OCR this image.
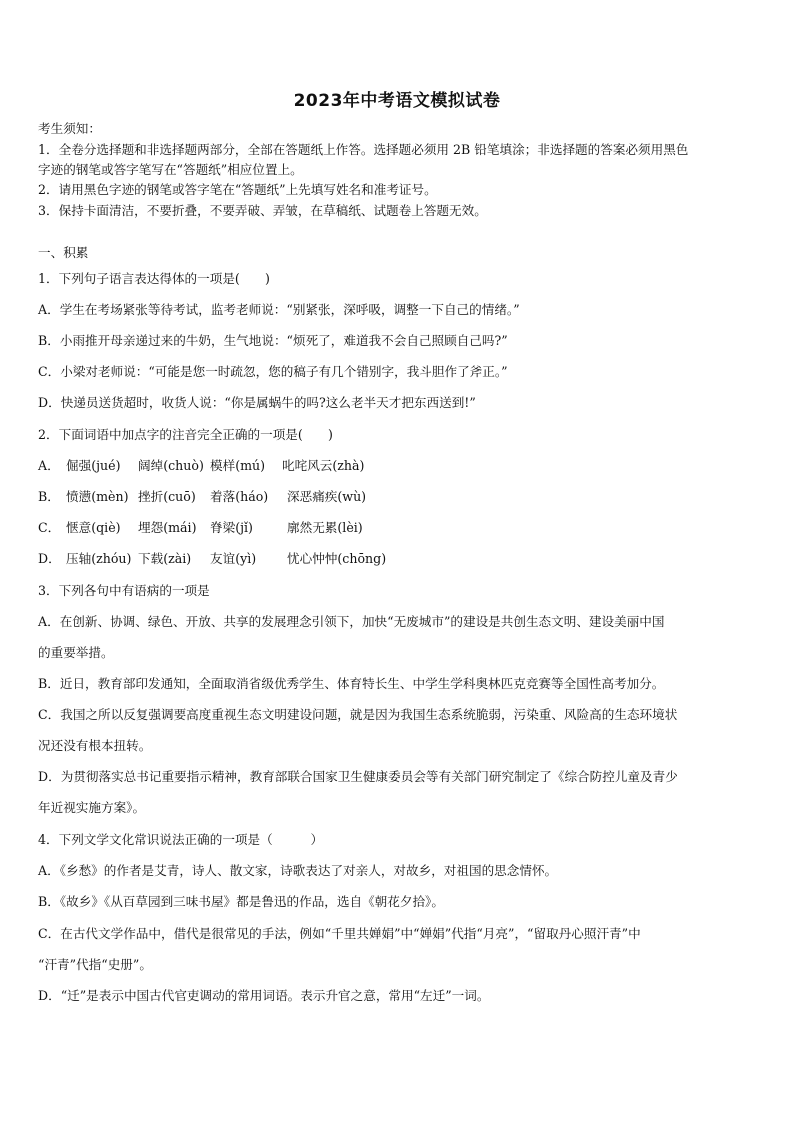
2023年中考语文模拟试卷
考生须知：
1．全卷分选择题和非选择题两部分，全部在答题纸上作答。选择题必须用 2B 铅笔填涂；非选择题的答案必须用黑色
字迹的钢笔或答字笔写在“答题纸”相应位置上。
2．请用黑色字迹的钢笔或答字笔在“答题纸”上先填写姓名和准考证号。
3．保持卡面清洁，不要折叠，不要弄破、弄皱，在草稿纸、试题卷上答题无效。
一、积累
1．下列句子语言表达得体的一项是(　　)
A．学生在考场紧张等待考试，监考老师说：“别紧张，深呼吸，调整一下自己的情绪。”
B．小雨推开母亲递过来的牛奶，生气地说：“烦死了，难道我不会自己照顾自己吗?”
C．小梁对老师说：“可能是您一时疏忽，您的稿子有几个错别字，我斗胆作了斧正。”
D．快递员送货超时，收货人说：“你是属蜗牛的吗?这么老半天才把东西送到!”
2．下面词语中加点字的注音完全正确的一项是(　　)
A． 倔强(jué)	阔绰(chuò) 模样(mú)	叱咤风云(zhà)
B． 愤懑(mèn) 挫折(cuō)	着落(háo)	深恶痛疾(wù)
C． 惬意(qiè)	埋怨(mái)	脊梁(jǐ)	廓然无累(lèi)
D． 压轴(zhóu) 下载(zài)	友谊(yì)	忧心忡忡(chōng)
3．下列各句中有语病的一项是
A．在创新、协调、绿色、开放、共享的发展理念引领下，加快“无废城市”的建设是共创生态文明、建设美丽中国
的重要举措。
B．近日，教育部印发通知，全面取消省级优秀学生、体育特长生、中学生学科奥林匹克竞赛等全国性高考加分。
C．我国之所以反复强调要高度重视生态文明建设问题，就是因为我国生态系统脆弱，污染重、风险高的生态环境状
况还没有根本扭转。
D．为贯彻落实总书记重要指示精神，教育部联合国家卫生健康委员会等有关部门研究制定了《综合防控儿童及青少
年近视实施方案》。
4．下列文学文化常识说法正确的一项是（　　　）
A．《乡愁》的作者是艾青，诗人、散文家，诗歌表达了对亲人，对故乡，对祖国的思念情怀。
B．《故乡》《从百草园到三味书屋》都是鲁迅的作品，选自《朝花夕拾》。
C．在古代文学作品中，借代是很常见的手法，例如“千里共婵娟”中“婵娟”代指“月亮”，“留取丹心照汗青”中
“汗青”代指“史册”。
D．“迁”是表示中国古代官吏调动的常用词语。表示升官之意，常用“左迁”一词。
